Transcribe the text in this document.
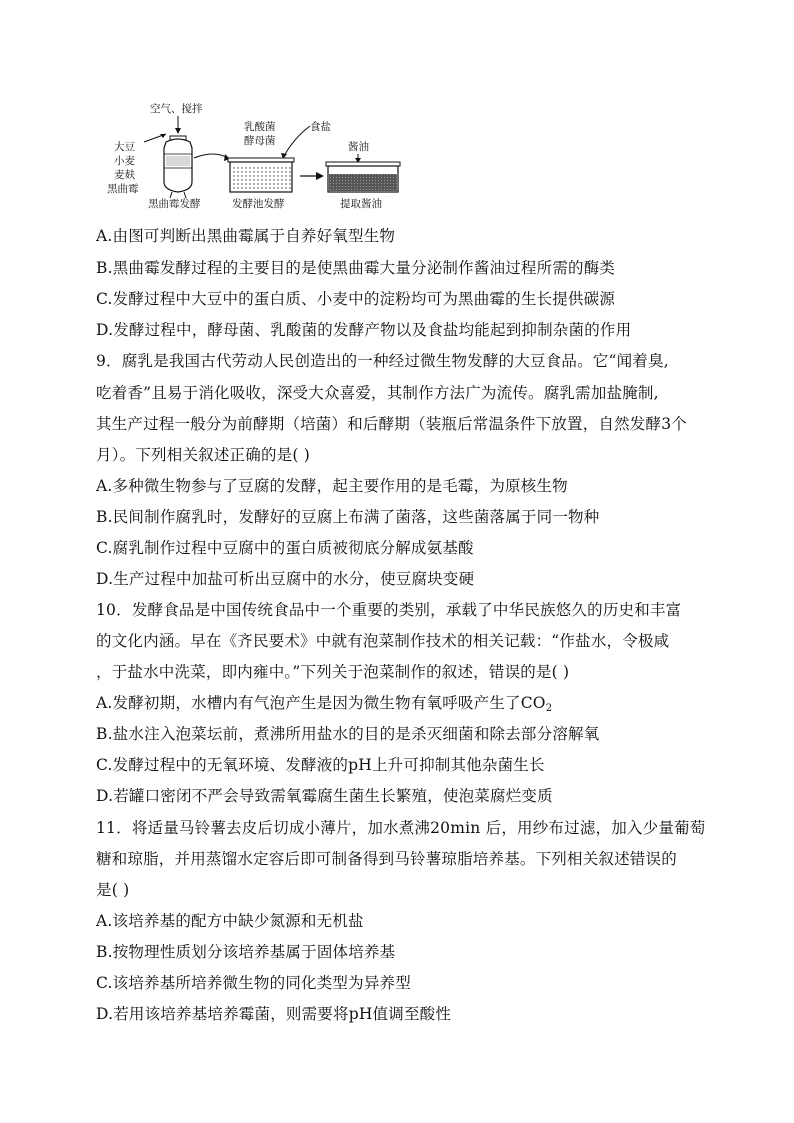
大豆
小麦
麦麸
黑曲霉
空气、搅拌
黑曲霉发酵
乳酸菌
酵母菌
食盐
发酵池发酵
酱油
提取酱油
A.由图可判断出黑曲霉属于自养好氧型生物
B.黑曲霉发酵过程的主要目的是使黑曲霉大量分泌制作酱油过程所需的酶类
C.发酵过程中大豆中的蛋白质、小麦中的淀粉均可为黑曲霉的生长提供碳源
D.发酵过程中，酵母菌、乳酸菌的发酵产物以及食盐均能起到抑制杂菌的作用
9．腐乳是我国古代劳动人民创造出的一种经过微生物发酵的大豆食品。它“闻着臭,
吃着香”且易于消化吸收，深受大众喜爱，其制作方法广为流传。腐乳需加盐腌制,
其生产过程一般分为前酵期（培菌）和后酵期（装瓶后常温条件下放置，自然发酵3个
月）。下列相关叙述正确的是( )
A.多种微生物参与了豆腐的发酵，起主要作用的是毛霉，为原核生物
B.民间制作腐乳时，发酵好的豆腐上布满了菌落，这些菌落属于同一物种
C.腐乳制作过程中豆腐中的蛋白质被彻底分解成氨基酸
D.生产过程中加盐可析出豆腐中的水分，使豆腐块变硬
10．发酵食品是中国传统食品中一个重要的类别，承载了中华民族悠久的历史和丰富
的文化内涵。早在《齐民要术》中就有泡菜制作技术的相关记载：“作盐水，令极咸
，于盐水中洗菜，即内雍中。”下列关于泡菜制作的叙述，错误的是( )
A.发酵初期，水槽内有气泡产生是因为微生物有氧呼吸产生了$CO_2$
B.盐水注入泡菜坛前，煮沸所用盐水的目的是杀灭细菌和除去部分溶解氧
C.发酵过程中的无氧环境、发酵液的pH上升可抑制其他杂菌生长
D.若罐口密闭不严会导致需氧霉腐生菌生长繁殖，使泡菜腐烂变质
11．将适量马铃薯去皮后切成小薄片，加水煮沸20min 后，用纱布过滤，加入少量葡萄
糖和琼脂，并用蒸馏水定容后即可制备得到马铃薯琼脂培养基。下列相关叙述错误的
是( )
A.该培养基的配方中缺少氮源和无机盐
B.按物理性质划分该培养基属于固体培养基
C.该培养基所培养微生物的同化类型为异养型
D.若用该培养基培养霉菌，则需要将pH值调至酸性
